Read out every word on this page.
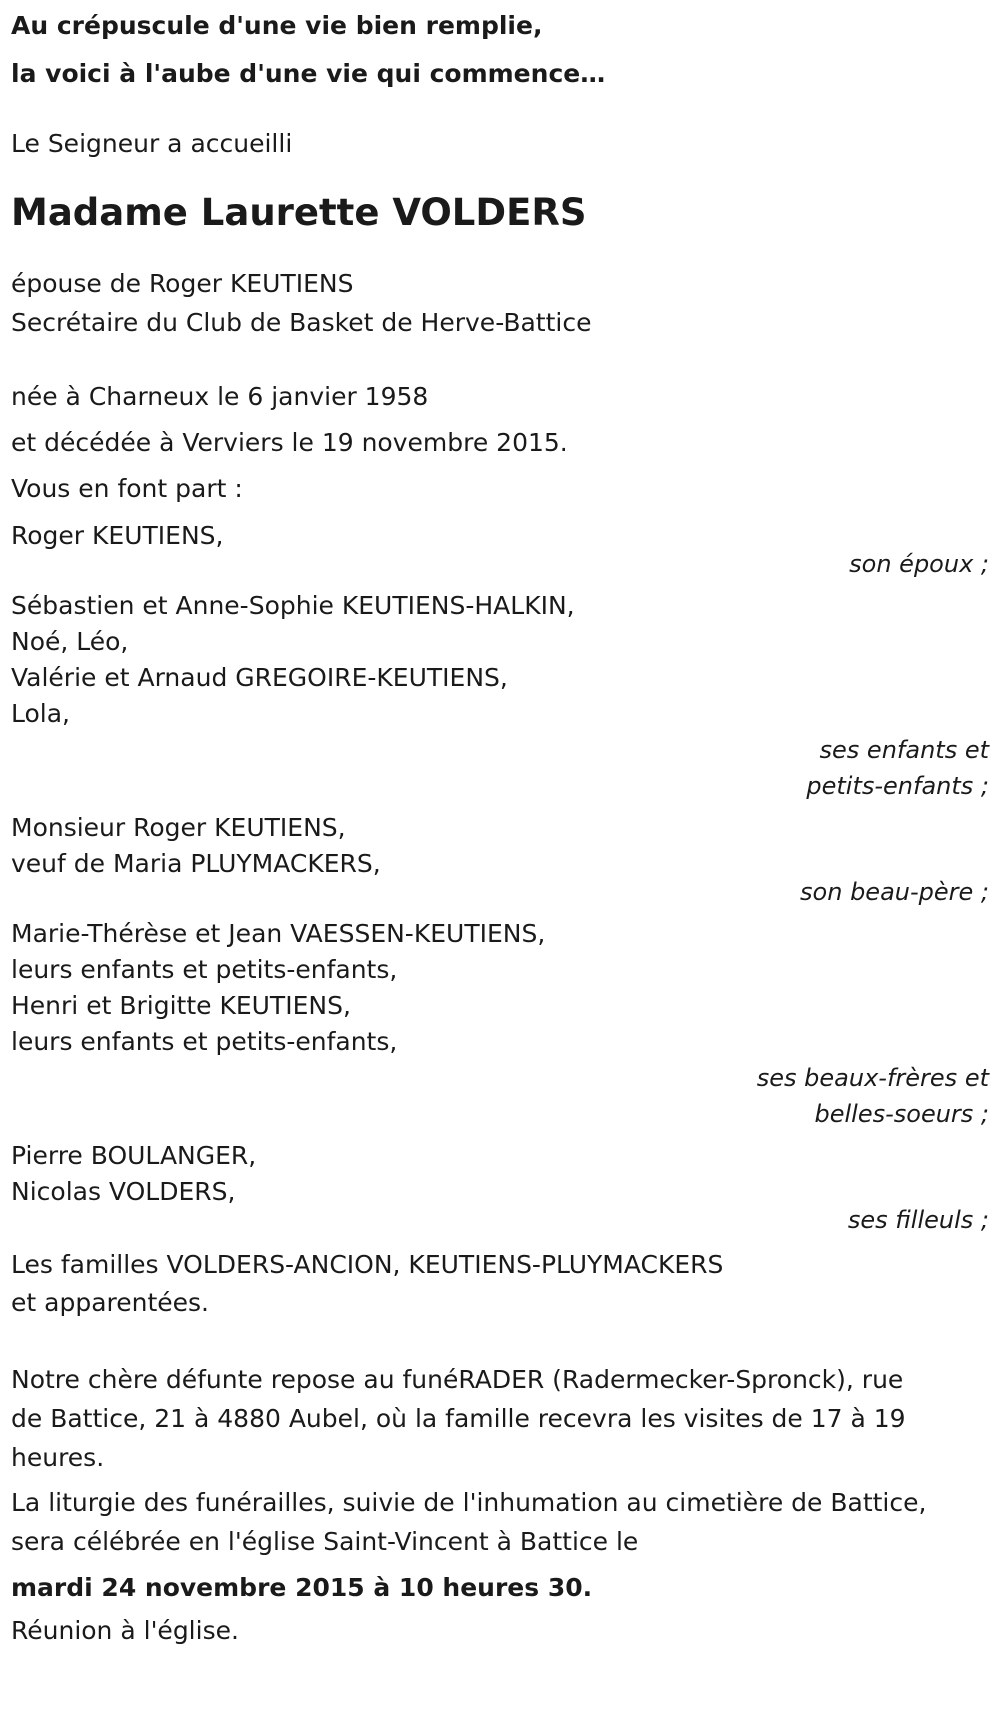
Au crépuscule d'une vie bien remplie,
la voici à l'aube d'une vie qui commence…
Le Seigneur a accueilli
Madame Laurette VOLDERS
épouse de Roger KEUTIENS
Secrétaire du Club de Basket de Herve-Battice
née à Charneux le 6 janvier 1958
et décédée à Verviers le 19 novembre 2015.
Vous en font part :
Roger KEUTIENS,
son époux ;
Sébastien et Anne-Sophie KEUTIENS-HALKIN,
Noé, Léo,
Valérie et Arnaud GREGOIRE-KEUTIENS,
Lola,
ses enfants et
petits-enfants ;
Monsieur Roger KEUTIENS,
veuf de Maria PLUYMACKERS,
son beau-père ;
Marie-Thérèse et Jean VAESSEN-KEUTIENS,
leurs enfants et petits-enfants,
Henri et Brigitte KEUTIENS,
leurs enfants et petits-enfants,
ses beaux-frères et
belles-soeurs ;
Pierre BOULANGER,
Nicolas VOLDERS,
ses filleuls ;
Les familles VOLDERS-ANCION, KEUTIENS-PLUYMACKERS
et apparentées.
Notre chère défunte repose au funéRADER (Radermecker-Spronck), rue
de Battice, 21 à 4880 Aubel, où la famille recevra les visites de 17 à 19
heures.
La liturgie des funérailles, suivie de l'inhumation au cimetière de Battice,
sera célébrée en l'église Saint-Vincent à Battice le
mardi 24 novembre 2015 à 10 heures 30.
Réunion à l'église.
